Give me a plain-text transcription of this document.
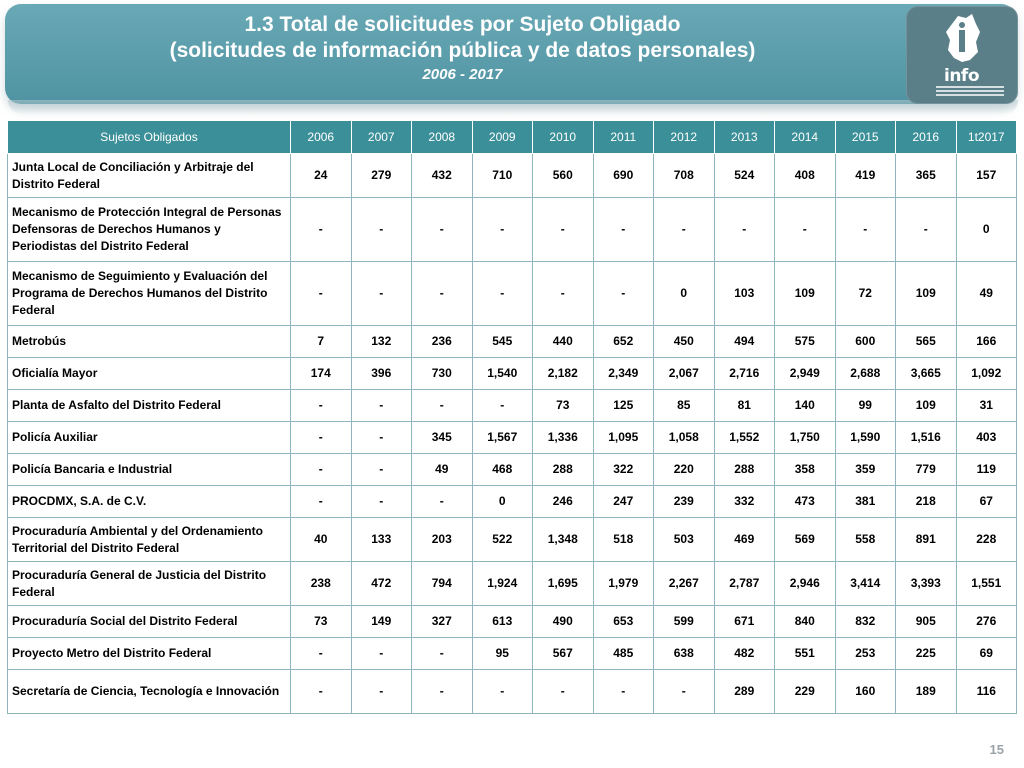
1.3 Total de solicitudes por Sujeto Obligado
(solicitudes de información pública y de datos personales)
2006 - 2017	info
Sujetos Obligados	2006	2007	2008	2009	2010	2011	2012	2013	2014	2015	2016	1t2017
Junta Local de Conciliación y Arbitraje del Distrito Federal	24	279	432	710	560	690	708	524	408	419	365	157
Mecanismo de Protección Integral de Personas Defensoras de Derechos Humanos y Periodistas del Distrito Federal	-	-	-	-	-	-	-	-	-	-	-	0
Mecanismo de Seguimiento y Evaluación del Programa de Derechos Humanos del Distrito Federal	-	-	-	-	-	-	0	103	109	72	109	49
Metrobús	7	132	236	545	440	652	450	494	575	600	565	166
Oficialía Mayor	174	396	730	1,540	2,182	2,349	2,067	2,716	2,949	2,688	3,665	1,092
Planta de Asfalto del Distrito Federal	-	-	-	-	73	125	85	81	140	99	109	31
Policía Auxiliar	-	-	345	1,567	1,336	1,095	1,058	1,552	1,750	1,590	1,516	403
Policía Bancaria e Industrial	-	-	49	468	288	322	220	288	358	359	779	119
PROCDMX, S.A. de C.V.	-	-	-	0	246	247	239	332	473	381	218	67
Procuraduría Ambiental y del Ordenamiento Territorial del Distrito Federal	40	133	203	522	1,348	518	503	469	569	558	891	228
Procuraduría General de Justicia del Distrito Federal	238	472	794	1,924	1,695	1,979	2,267	2,787	2,946	3,414	3,393	1,551
Procuraduría Social del Distrito Federal	73	149	327	613	490	653	599	671	840	832	905	276
Proyecto Metro del Distrito Federal	-	-	-	95	567	485	638	482	551	253	225	69
Secretaría de Ciencia, Tecnología e Innovación	-	-	-	-	-	-	-	289	229	160	189	116
15
